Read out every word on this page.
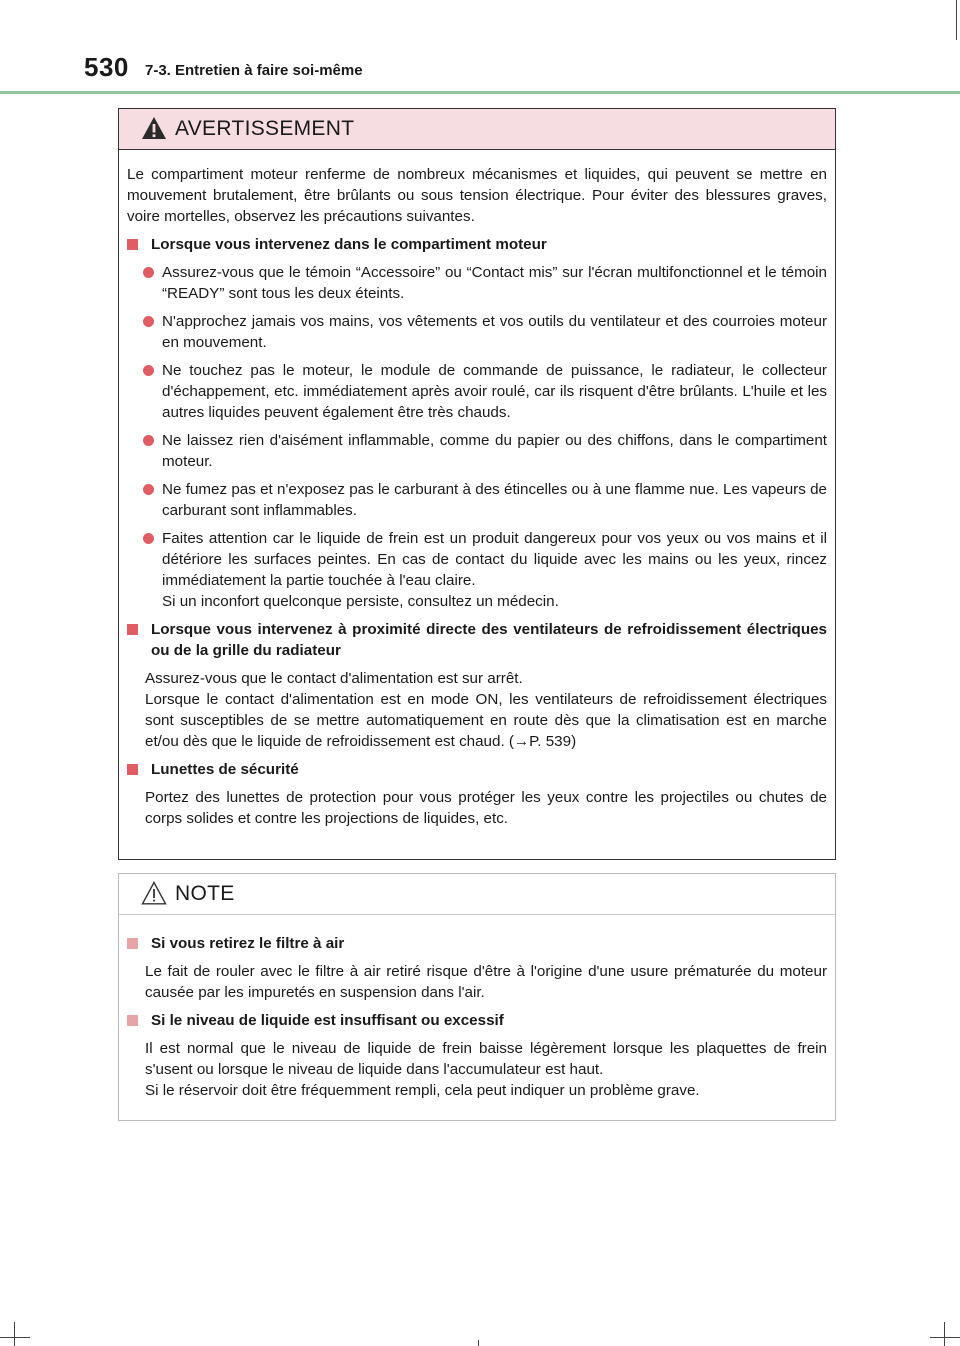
530 7-3. Entretien à faire soi-même
AVERTISSEMENT

Le compartiment moteur renferme de nombreux mécanismes et liquides, qui peuvent se mettre en mouvement brutalement, être brûlants ou sous tension électrique. Pour éviter des blessures graves, voire mortelles, observez les précautions suivantes.

Lorsque vous intervenez dans le compartiment moteur
Assurez-vous que le témoin “Accessoire” ou “Contact mis” sur l'écran multifonctionnel et le témoin “READY” sont tous les deux éteints.
N'approchez jamais vos mains, vos vêtements et vos outils du ventilateur et des courroies moteur en mouvement.
Ne touchez pas le moteur, le module de commande de puissance, le radiateur, le collecteur d'échappement, etc. immédiatement après avoir roulé, car ils risquent d'être brûlants. L'huile et les autres liquides peuvent également être très chauds.
Ne laissez rien d'aisément inflammable, comme du papier ou des chiffons, dans le compartiment moteur.
Ne fumez pas et n'exposez pas le carburant à des étincelles ou à une flamme nue. Les vapeurs de carburant sont inflammables.
Faites attention car le liquide de frein est un produit dangereux pour vos yeux ou vos mains et il détériore les surfaces peintes. En cas de contact du liquide avec les mains ou les yeux, rincez immédiatement la partie touchée à l'eau claire.
Si un inconfort quelconque persiste, consultez un médecin.
Lorsque vous intervenez à proximité directe des ventilateurs de refroidissement électriques ou de la grille du radiateur
Assurez-vous que le contact d'alimentation est sur arrêt.
Lorsque le contact d'alimentation est en mode ON, les ventilateurs de refroidissement électriques sont susceptibles de se mettre automatiquement en route dès que la climatisation est en marche et/ou dès que le liquide de refroidissement est chaud. (→P. 539)
Lunettes de sécurité

Portez des lunettes de protection pour vous protéger les yeux contre les projectiles ou chutes de corps solides et contre les projections de liquides, etc.

NOTE
Si vous retirez le filtre à air

Le fait de rouler avec le filtre à air retiré risque d'être à l'origine d'une usure prématurée du moteur causée par les impuretés en suspension dans l'air.

Si le niveau de liquide est insuffisant ou excessif
Il est normal que le niveau de liquide de frein baisse légèrement lorsque les plaquettes de frein s'usent ou lorsque le niveau de liquide dans l'accumulateur est haut.
Si le réservoir doit être fréquemment rempli, cela peut indiquer un problème grave.
